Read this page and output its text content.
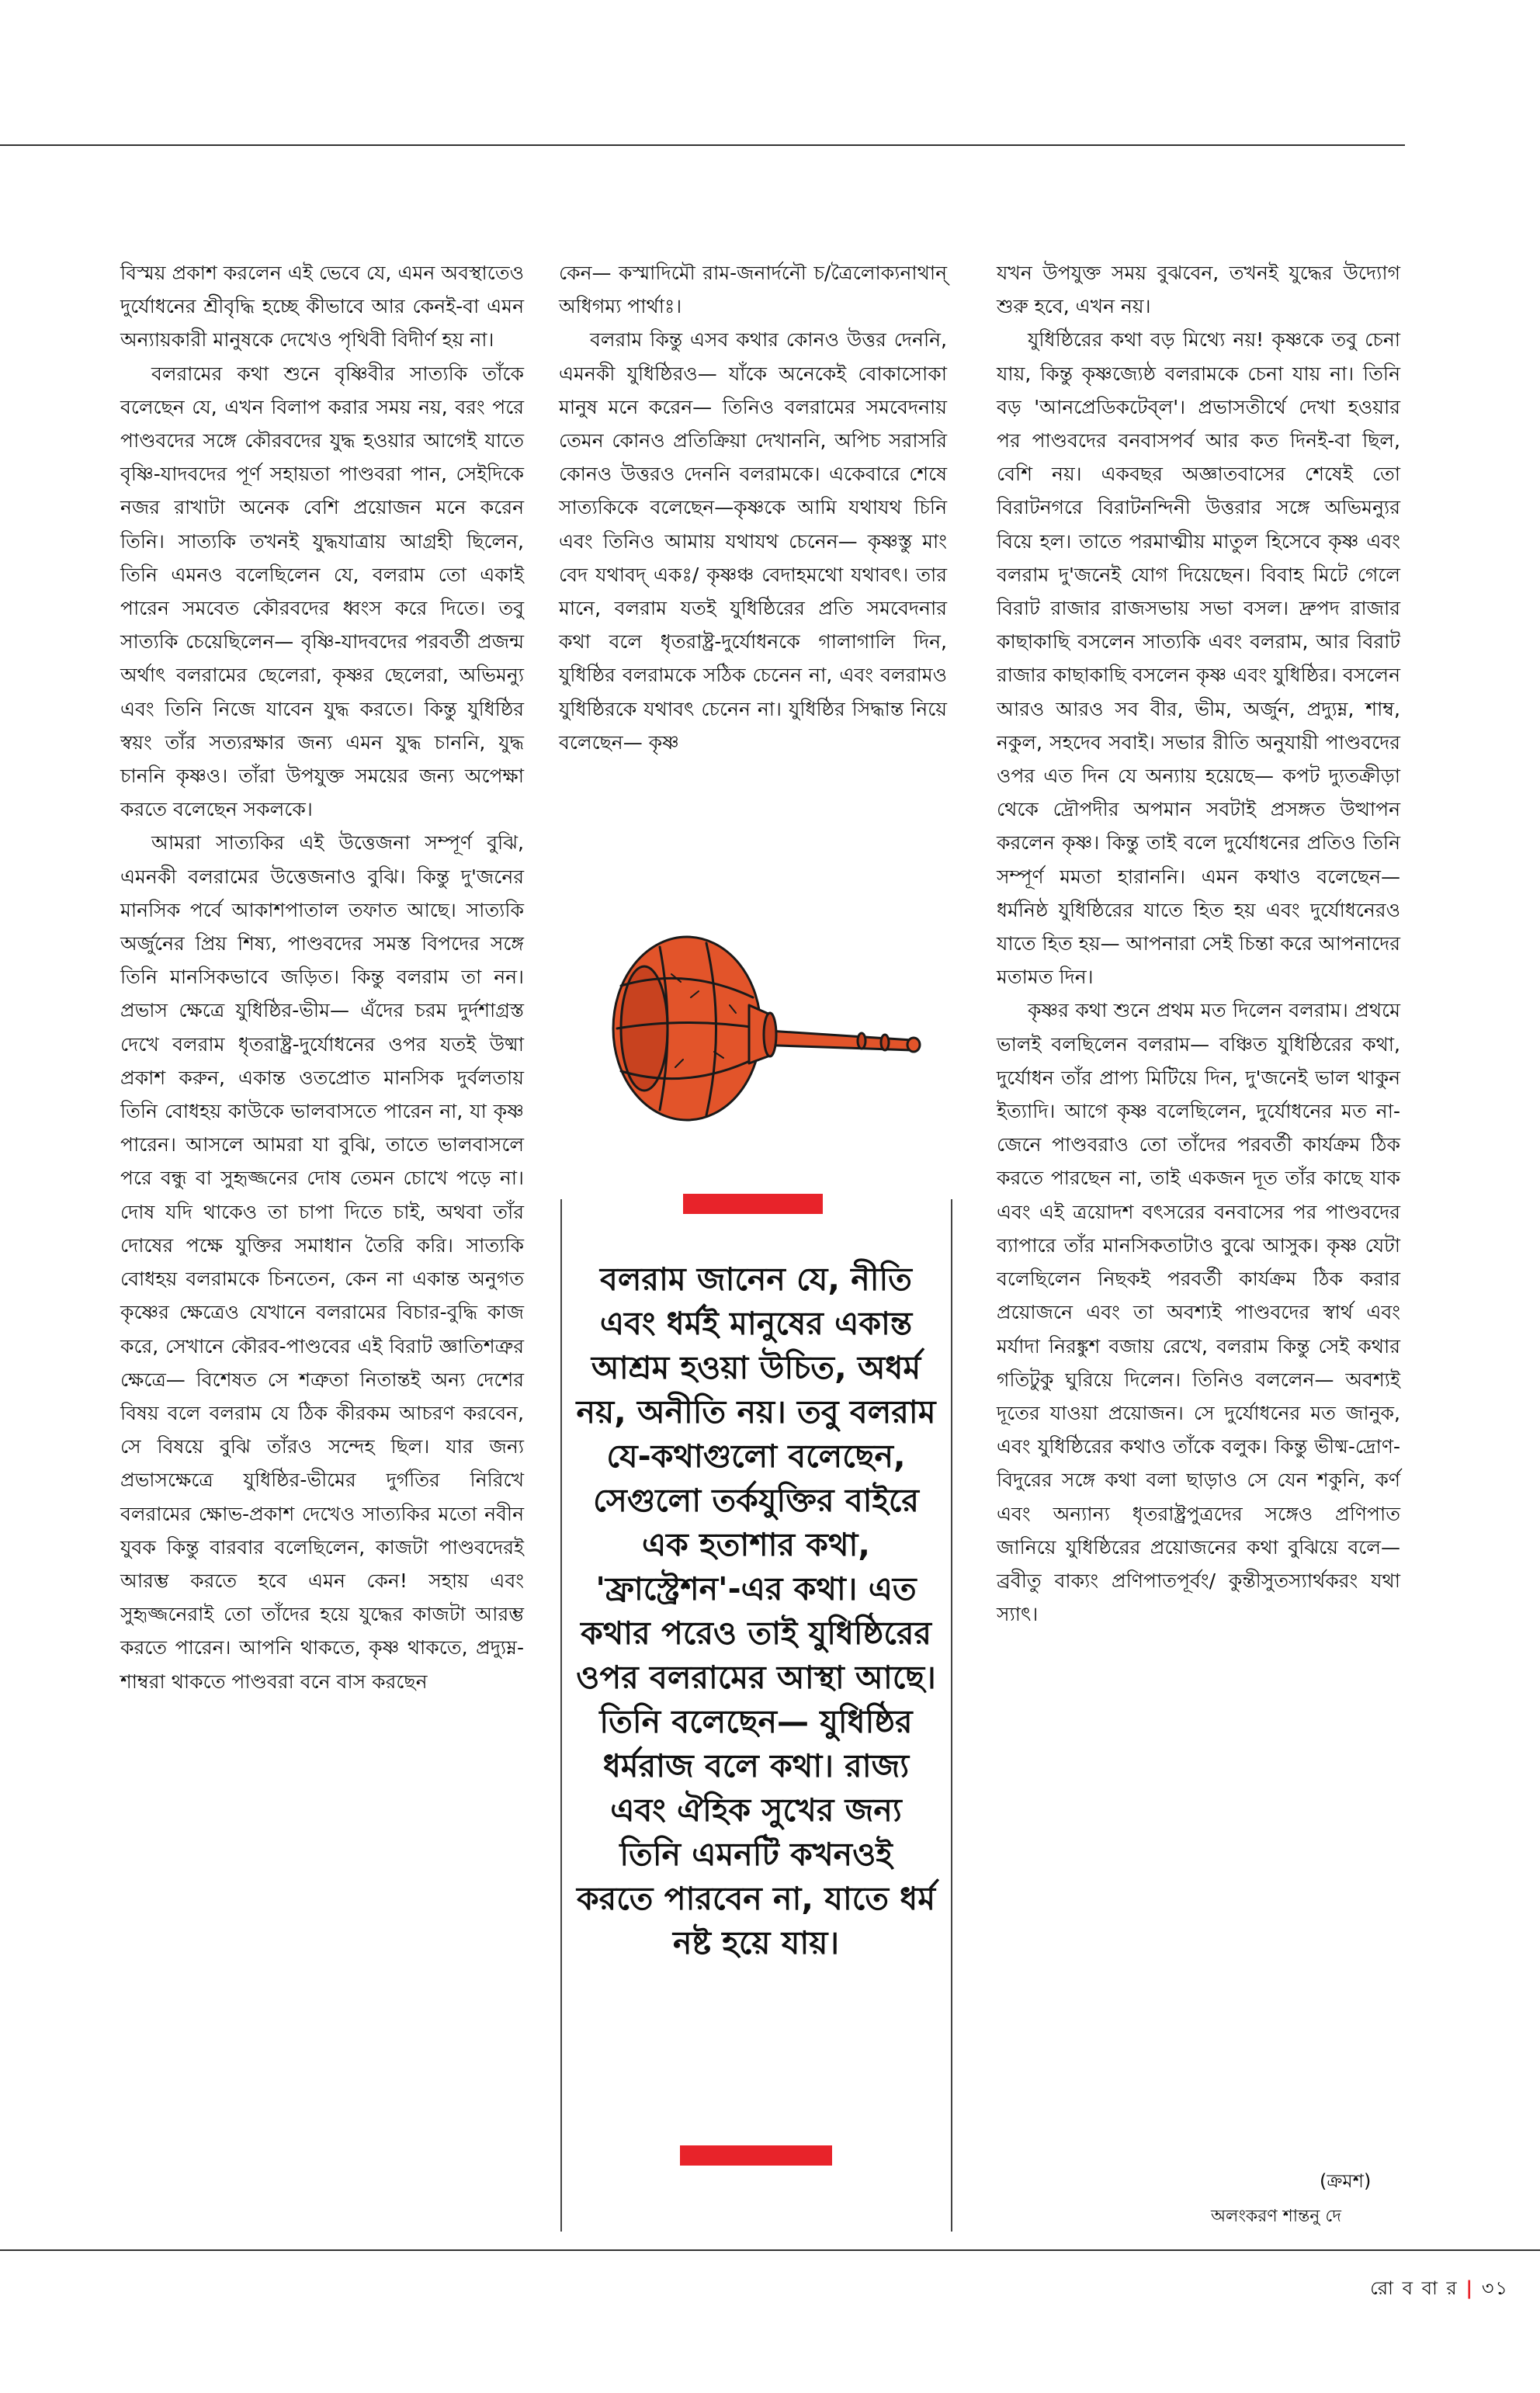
বিস্ময় প্রকাশ করলেন এই ভেবে যে, এমন অবস্থাতেও দুর্যোধনের শ্রীবৃদ্ধি হচ্ছে কীভাবে আর কেনই-বা এমন অন্যায়কারী মানুষকে দেখেও পৃথিবী বিদীর্ণ হয় না।

বলরামের কথা শুনে বৃষ্ণিবীর সাত্যকি তাঁকে বলেছেন যে, এখন বিলাপ করার সময় নয়, বরং পরে পাণ্ডবদের সঙ্গে কৌরবদের যুদ্ধ হওয়ার আগেই যাতে বৃষ্ণি-যাদবদের পূর্ণ সহায়তা পাণ্ডবরা পান, সেইদিকে নজর রাখাটা অনেক বেশি প্রয়োজন মনে করেন তিনি। সাত্যকি তখনই যুদ্ধযাত্রায় আগ্রহী ছিলেন, তিনি এমনও বলেছিলেন যে, বলরাম তো একাই পারেন সমবেত কৌরবদের ধ্বংস করে দিতে। তবু সাত্যকি চেয়েছিলেন— বৃষ্ণি-যাদবদের পরবর্তী প্রজন্ম অর্থাৎ বলরামের ছেলেরা, কৃষ্ণর ছেলেরা, অভিমন্যু এবং তিনি নিজে যাবেন যুদ্ধ করতে। কিন্তু যুধিষ্ঠির স্বয়ং তাঁর সত্যরক্ষার জন্য এমন যুদ্ধ চাননি, যুদ্ধ চাননি কৃষ্ণও। তাঁরা উপযুক্ত সময়ের জন্য অপেক্ষা করতে বলেছেন সকলকে।

আমরা সাত্যকির এই উত্তেজনা সম্পূর্ণ বুঝি, এমনকী বলরামের উত্তেজনাও বুঝি। কিন্তু দু'জনের মানসিক পর্বে আকাশপাতাল তফাত আছে। সাত্যকি অর্জুনের প্রিয় শিষ্য, পাণ্ডবদের সমস্ত বিপদের সঙ্গে তিনি মানসিকভাবে জড়িত। কিন্তু বলরাম তা নন। প্রভাস ক্ষেত্রে যুধিষ্ঠির-ভীম— এঁদের চরম দুর্দশাগ্রস্ত দেখে বলরাম ধৃতরাষ্ট্র-দুর্যোধনের ওপর যতই উষ্মা প্রকাশ করুন, একান্ত ওতপ্রোত মানসিক দুর্বলতায় তিনি বোধহয় কাউকে ভালবাসতে পারেন না, যা কৃষ্ণ পারেন। আসলে আমরা যা বুঝি, তাতে ভালবাসলে পরে বন্ধু বা সুহৃজ্জনের দোষ তেমন চোখে পড়ে না। দোষ যদি থাকেও তা চাপা দিতে চাই, অথবা তাঁর দোষের পক্ষে যুক্তির সমাধান তৈরি করি। সাত্যকি বোধহয় বলরামকে চিনতেন, কেন না একান্ত অনুগত কৃষ্ণের ক্ষেত্রেও যেখানে বলরামের বিচার-বুদ্ধি কাজ করে, সেখানে কৌরব-পাণ্ডবের এই বিরাট জ্ঞাতিশত্রুর ক্ষেত্রে— বিশেষত সে শত্রুতা নিতান্তই অন্য দেশের বিষয় বলে বলরাম যে ঠিক কীরকম আচরণ করবেন, সে বিষয়ে বুঝি তাঁরও সন্দেহ ছিল। যার জন্য প্রভাসক্ষেত্রে যুধিষ্ঠির-ভীমের দুর্গতির নিরিখে বলরামের ক্ষোভ-প্রকাশ দেখেও সাত্যকির মতো নবীন যুবক কিন্তু বারবার বলেছিলেন, কাজটা পাণ্ডবদেরই আরম্ভ করতে হবে এমন কেন! সহায় এবং সুহৃজ্জনেরাই তো তাঁদের হয়ে যুদ্ধের কাজটা আরম্ভ করতে পারেন। আপনি থাকতে, কৃষ্ণ থাকতে, প্রদ্যুম্ন-শাম্বরা থাকতে পাণ্ডবরা বনে বাস করছেন

কেন— কস্মাদিমৌ রাম-জনার্দনৌ চ/ত্রৈলোক্যনাথান্ অধিগম্য পার্থাঃ।

বলরাম কিন্তু এসব কথার কোনও উত্তর দেননি, এমনকী যুধিষ্ঠিরও— যাঁকে অনেকেই বোকাসোকা মানুষ মনে করেন— তিনিও বলরামের সমবেদনায় তেমন কোনও প্রতিক্রিয়া দেখাননি, অপিচ সরাসরি কোনও উত্তরও দেননি বলরামকে। একেবারে শেষে সাত্যকিকে বলেছেন—কৃষ্ণকে আমি যথাযথ চিনি এবং তিনিও আমায় যথাযথ চেনেন— কৃষ্ণস্তু মাং বেদ যথাবদ্ একঃ/ কৃষ্ণঞ্চ বেদাহমথো যথাবৎ। তার মানে, বলরাম যতই যুধিষ্ঠিরের প্রতি সমবেদনার কথা বলে ধৃতরাষ্ট্র-দুর্যোধনকে গালাগালি দিন, যুধিষ্ঠির বলরামকে সঠিক চেনেন না, এবং বলরামও যুধিষ্ঠিরকে যথাবৎ চেনেন না। যুধিষ্ঠির সিদ্ধান্ত নিয়ে বলেছেন— কৃষ্ণ

যখন উপযুক্ত সময় বুঝবেন, তখনই যুদ্ধের উদ্যোগ শুরু হবে, এখন নয়।

যুধিষ্ঠিরের কথা বড় মিথ্যে নয়! কৃষ্ণকে তবু চেনা যায়, কিন্তু কৃষ্ণজ্যেষ্ঠ বলরামকে চেনা যায় না। তিনি বড় 'আনপ্রেডিকটেব্‌ল'। প্রভাসতীর্থে দেখা হওয়ার পর পাণ্ডবদের বনবাসপর্ব আর কত দিনই-বা ছিল, বেশি নয়। একবছর অজ্ঞাতবাসের শেষেই তো বিরাটনগরে বিরাটনন্দিনী উত্তরার সঙ্গে অভিমন্যুর বিয়ে হল। তাতে পরমাত্মীয় মাতুল হিসেবে কৃষ্ণ এবং বলরাম দু'জনেই যোগ দিয়েছেন। বিবাহ মিটে গেলে বিরাট রাজার রাজসভায় সভা বসল। দ্রুপদ রাজার কাছাকাছি বসলেন সাত্যকি এবং বলরাম, আর বিরাট রাজার কাছাকাছি বসলেন কৃষ্ণ এবং যুধিষ্ঠির। বসলেন আরও আরও সব বীর, ভীম, অর্জুন, প্রদ্যুম্ন, শাম্ব, নকুল, সহদেব সবাই। সভার রীতি অনুযায়ী পাণ্ডবদের ওপর এত দিন যে অন্যায় হয়েছে— কপট দ্যুতক্রীড়া থেকে দ্রৌপদীর অপমান সবটাই প্রসঙ্গত উত্থাপন করলেন কৃষ্ণ। কিন্তু তাই বলে দুর্যোধনের প্রতিও তিনি সম্পূর্ণ মমতা হারাননি। এমন কথাও বলেছেন— ধর্মনিষ্ঠ যুধিষ্ঠিরের যাতে হিত হয় এবং দুর্যোধনেরও যাতে হিত হয়— আপনারা সেই চিন্তা করে আপনাদের মতামত দিন।

কৃষ্ণর কথা শুনে প্রথম মত দিলেন বলরাম। প্রথমে ভালই বলছিলেন বলরাম— বঞ্চিত যুধিষ্ঠিরের কথা, দুর্যোধন তাঁর প্রাপ্য মিটিয়ে দিন, দু'জনেই ভাল থাকুন ইত্যাদি। আগে কৃষ্ণ বলেছিলেন, দুর্যোধনের মত না-জেনে পাণ্ডবরাও তো তাঁদের পরবর্তী কার্যক্রম ঠিক করতে পারছেন না, তাই একজন দূত তাঁর কাছে যাক এবং এই ত্রয়োদশ বৎসরের বনবাসের পর পাণ্ডবদের ব্যাপারে তাঁর মানসিকতাটাও বুঝে আসুক। কৃষ্ণ যেটা বলেছিলেন নিছকই পরবর্তী কার্যক্রম ঠিক করার প্রয়োজনে এবং তা অবশ্যই পাণ্ডবদের স্বার্থ এবং মর্যাদা নিরঙ্কুশ বজায় রেখে, বলরাম কিন্তু সেই কথার গতিটুকু ঘুরিয়ে দিলেন। তিনিও বললেন— অবশ্যই দূতের যাওয়া প্রয়োজন। সে দুর্যোধনের মত জানুক, এবং যুধিষ্ঠিরের কথাও তাঁকে বলুক। কিন্তু ভীষ্ম-দ্রোণ-বিদুরের সঙ্গে কথা বলা ছাড়াও সে যেন শকুনি, কর্ণ এবং অন্যান্য ধৃতরাষ্ট্রপুত্রদের সঙ্গেও প্রণিপাত জানিয়ে যুধিষ্ঠিরের প্রয়োজনের কথা বুঝিয়ে বলে— ব্রবীতু বাক্যং প্রণিপাতপূর্বং/ কুন্তীসুতস্যার্থকরং যথা স্যাৎ।

বলরাম জানেন যে, নীতি এবং ধর্মই মানুষের একান্ত আশ্রম হওয়া উচিত, অধর্ম নয়, অনীতি নয়। তবু বলরাম যে-কথাগুলো বলেছেন, সেগুলো তর্কযুক্তির বাইরে এক হতাশার কথা, 'ফ্রাস্ট্রেশন'-এর কথা। এত কথার পরেও তাই যুধিষ্ঠিরের ওপর বলরামের আস্থা আছে। তিনি বলেছেন— যুধিষ্ঠির ধর্মরাজ বলে কথা। রাজ্য এবং ঐহিক সুখের জন্য তিনি এমনটি কখনওই করতে পারবেন না, যাতে ধর্ম নষ্ট হয়ে যায়।
(ক্রমশ)
অলংকরণ শান্তনু দে
রো ব বা র | ৩১
